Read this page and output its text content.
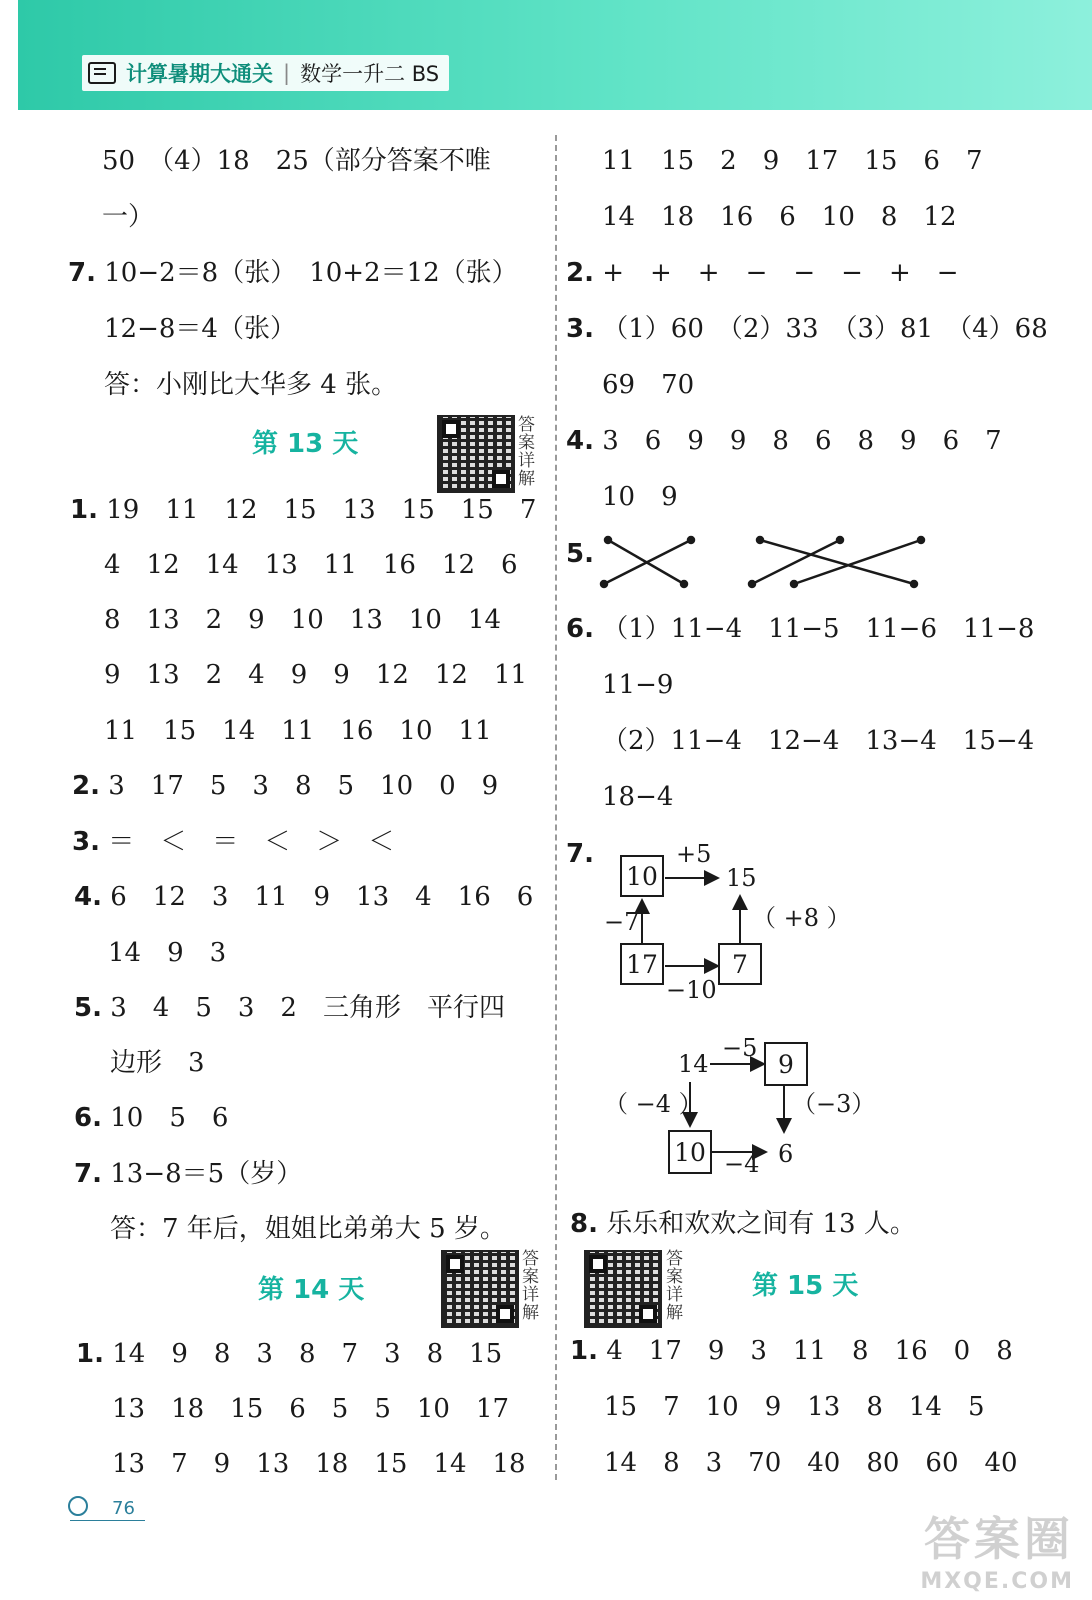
计算暑期大通关 | 数学一升二 BS
50　（4）18　25（部分答案不唯
一）
7. 10−2＝8（张）　10+2＝12（张）
12−8＝4（张）
答：小刚比大华多 4 张。
第 13 天
答案详解
1. 19　11　12　15　13　15　15　7
4　12　14　13　11　16　12　6
8　13　2　9　10　13　10　14
9　13　2　4　9　9　12　12　11
11　15　14　11　16　10　11
2. 3　17　5　3　8　5　10　0　9
3. ＝　＜　＝　＜　＞　＜
4. 6　12　3　11　9　13　4　16　6
14　9　3
5. 3　4　5　3　2　三角形　平行四
边形　3
6. 10　5　6
7. 13−8＝5（岁）
答：7 年后，姐姐比弟弟大 5 岁。
第 14 天
答案详解
1. 14　9　8　3　8　7　3　8　15
13　18　15　6　5　5　10　17
13　7　9　13　18　15　14　18
11　15　2　9　17　15　6　7
14　18　16　6　10　8　12
2. +　+　+　−　−　−　+　−
3. （1）60　（2）33　（3）81　（4）68
69　70
4. 3　6　9　9　8　6　8　9　6　7
10　9
5.
6. （1）11−4　11−5　11−6　11−8
11−9
（2）11−4　12−4　13−4　15−4
18−4
7.
10
+5
15
−7	（ +8 ）
17	7
−10
14
−5
9
（ −4 ）	（−3）
10 −4 6
8. 乐乐和欢欢之间有 13 人。
答案详解
第 15 天
1. 4　17　9　3　11　8　16　0　8
15　7　10　9　13　8　14　5
14　8　3　70　40　80　60　40
76
答案圈
MXQE.COM
